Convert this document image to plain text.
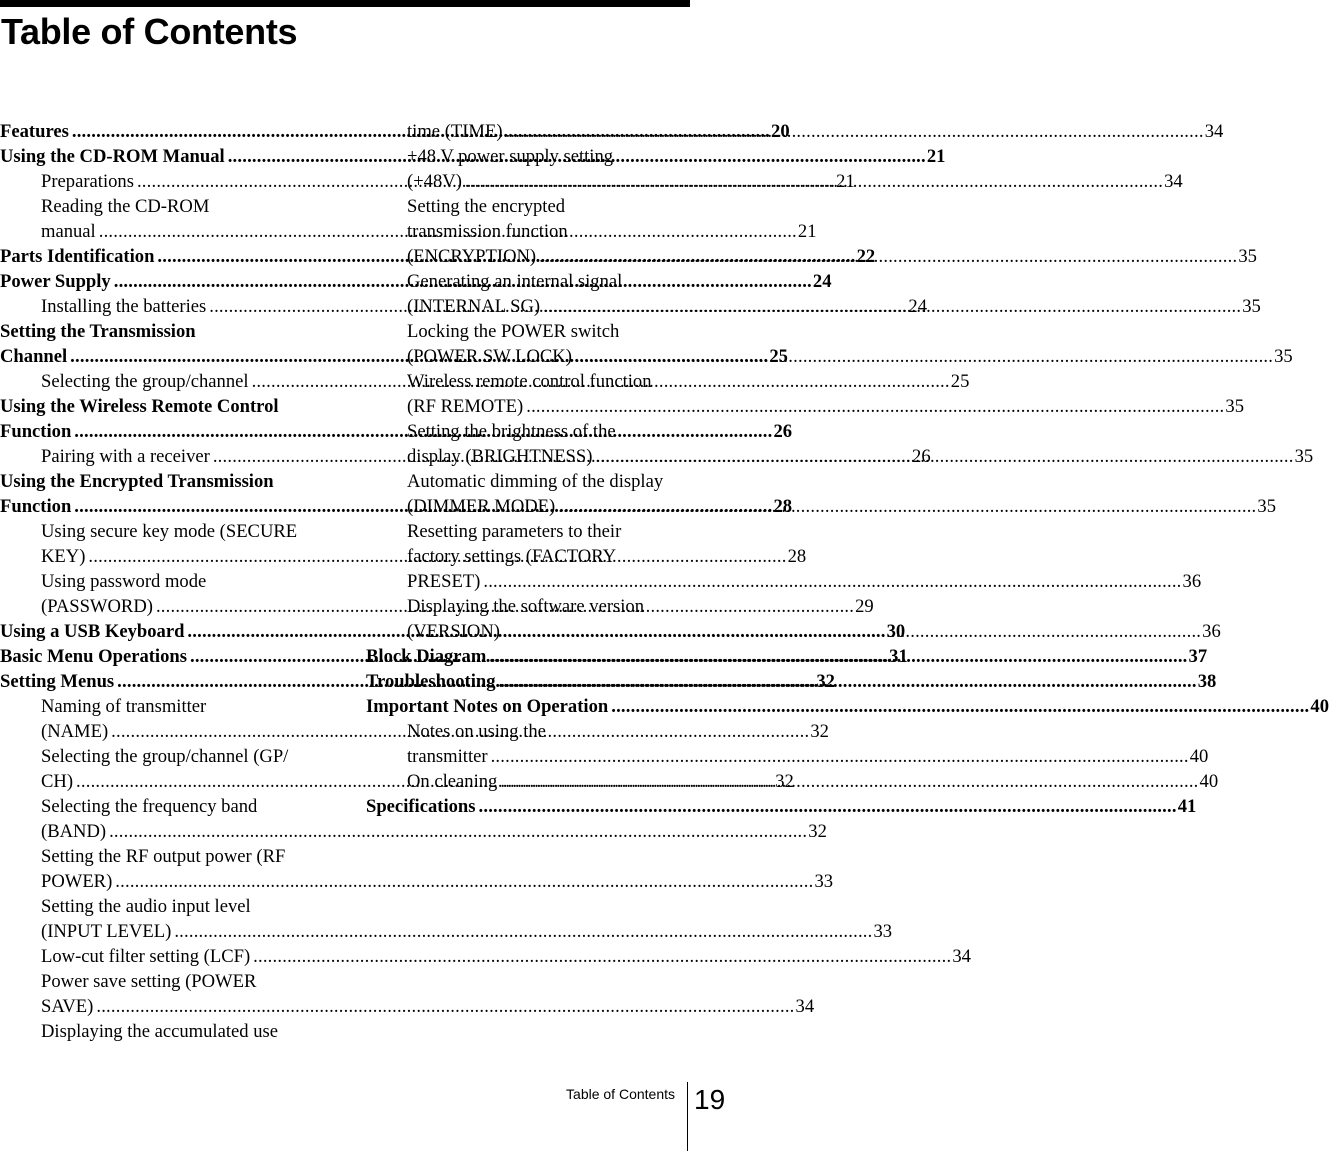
Table of Contents
Features .....	20
Using the CD-ROM Manual .....	21
Preparations .....	21
Reading the CD-ROM
manual .....	21
Parts Identification .....	22
Power Supply .....	24
Installing the batteries .....	24
Setting the Transmission
Channel .....	25
Selecting the group/channel .....	25
Using the Wireless Remote Control
Function .....	26
Pairing with a receiver .....	26
Using the Encrypted Transmission
Function .....	28
Using secure key mode (SECURE
KEY) .....	28
Using password mode
(PASSWORD) .....	29
Using a USB Keyboard .....	30
Basic Menu Operations .....	31
Setting Menus .....	32
Naming of transmitter
(NAME) .....	32
Selecting the group/channel (GP/
CH) .....	32
Selecting the frequency band
(BAND) .....	32
Setting the RF output power (RF
POWER) .....	33
Setting the audio input level
(INPUT LEVEL) .....	33
Low-cut filter setting (LCF) .....	34
Power save setting (POWER
SAVE) .....	34
Displaying the accumulated use
time (TIME) .....	34
+48 V power supply setting
(+48V) .....	34
Setting the encrypted
transmission function
(ENCRYPTION) .....	35
Generating an internal signal
(INTERNAL SG) .....	35
Locking the POWER switch
(POWER SW LOCK) .....	35
Wireless remote control function
(RF REMOTE) .....	35
Setting the brightness of the
display (BRIGHTNESS) .....	35
Automatic dimming of the display
(DIMMER MODE) .....	35
Resetting parameters to their
factory settings (FACTORY
PRESET) .....	36
Displaying the software version
(VERSION) .....	36
Block Diagram .....	37
Troubleshooting .....	38
Important Notes on Operation .....	40
Notes on using the
transmitter .....	40
On cleaning .....	40
Specifications .....	41
Table of Contents 19
